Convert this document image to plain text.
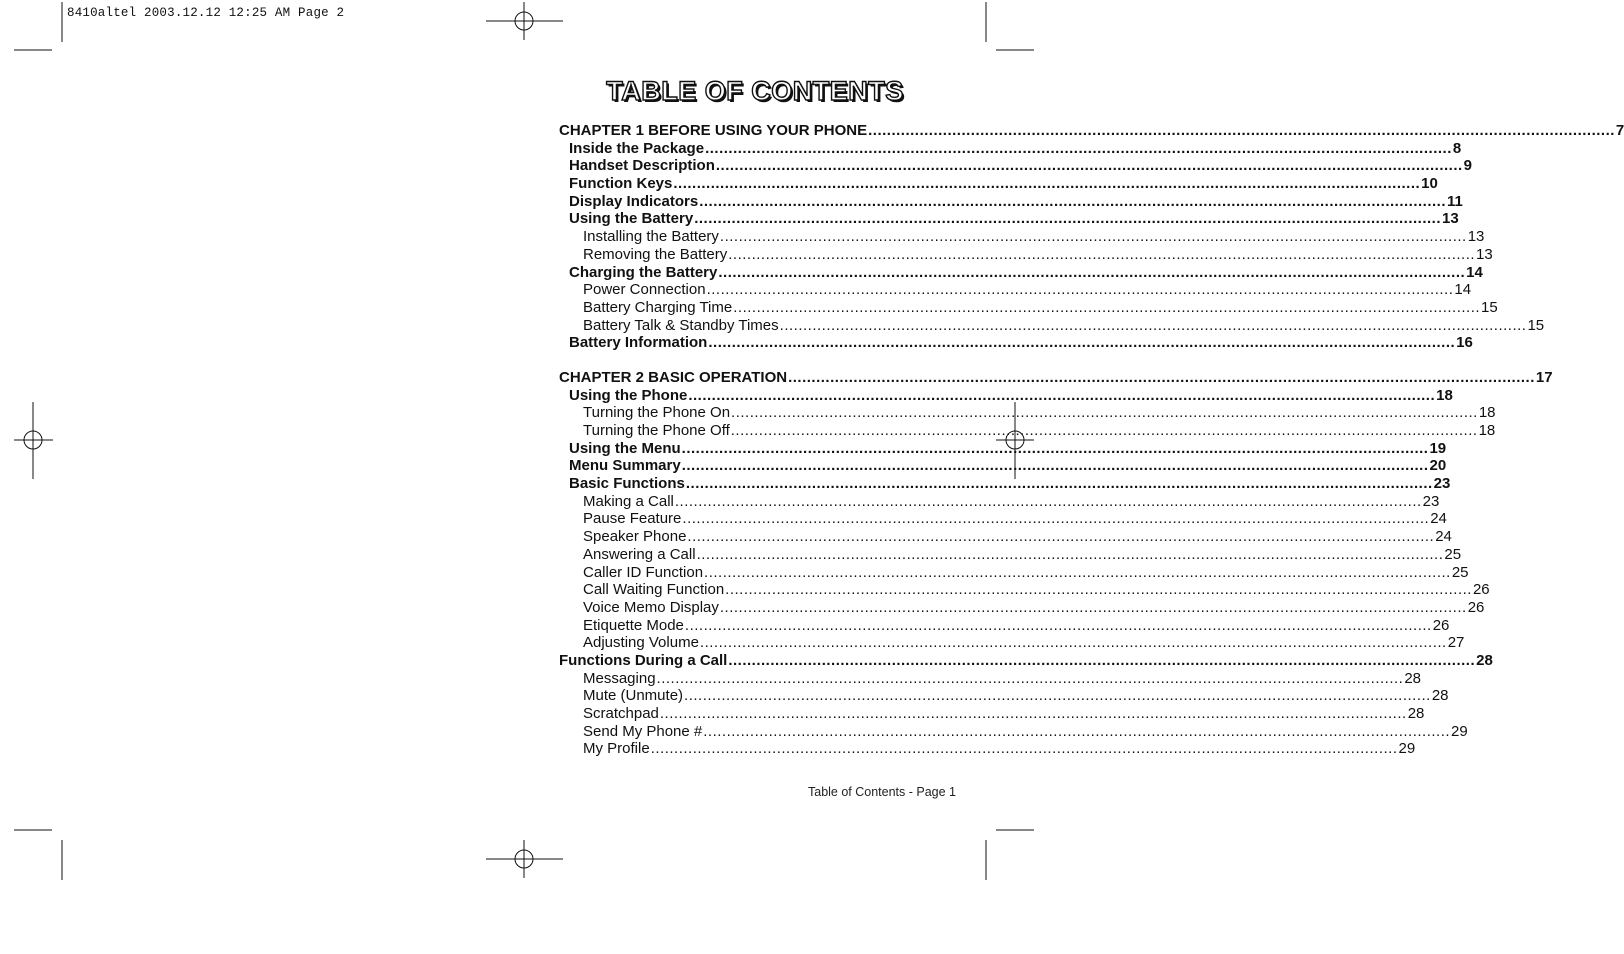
8410altel 2003.12.12 12:25 AM Page 2
TABLE OF CONTENTS
CHAPTER 1 BEFORE USING YOUR PHONE ................................................................................................................................................................ 7
Inside the Package ................................................................................................................................................................ 8
Handset Description ................................................................................................................................................................ 9
Function Keys ................................................................................................................................................................ 10
Display Indicators ................................................................................................................................................................ 11
Using the Battery ................................................................................................................................................................ 13
Installing the Battery ................................................................................................................................................................ 13
Removing the Battery ................................................................................................................................................................ 13
Charging the Battery ................................................................................................................................................................ 14
Power Connection ................................................................................................................................................................ 14
Battery Charging Time ................................................................................................................................................................ 15
Battery Talk & Standby Times ................................................................................................................................................................ 15
Battery Information ................................................................................................................................................................ 16
CHAPTER 2 BASIC OPERATION ................................................................................................................................................................ 17
Using the Phone ................................................................................................................................................................ 18
Turning the Phone On ................................................................................................................................................................ 18
Turning the Phone Off ................................................................................................................................................................ 18
Using the Menu ................................................................................................................................................................ 19
Menu Summary ................................................................................................................................................................ 20
Basic Functions ................................................................................................................................................................ 23
Making a Call ................................................................................................................................................................ 23
Pause Feature ................................................................................................................................................................ 24
Speaker Phone ................................................................................................................................................................ 24
Answering a Call ................................................................................................................................................................ 25
Caller ID Function ................................................................................................................................................................ 25
Call Waiting Function ................................................................................................................................................................ 26
Voice Memo Display ................................................................................................................................................................ 26
Etiquette Mode ................................................................................................................................................................ 26
Adjusting Volume ................................................................................................................................................................ 27
Functions During a Call ................................................................................................................................................................ 28
Messaging ................................................................................................................................................................ 28
Mute (Unmute) ................................................................................................................................................................ 28
Scratchpad ................................................................................................................................................................ 28
Send My Phone # ................................................................................................................................................................ 29
My Profile ................................................................................................................................................................ 29
Table of Contents - Page 1
